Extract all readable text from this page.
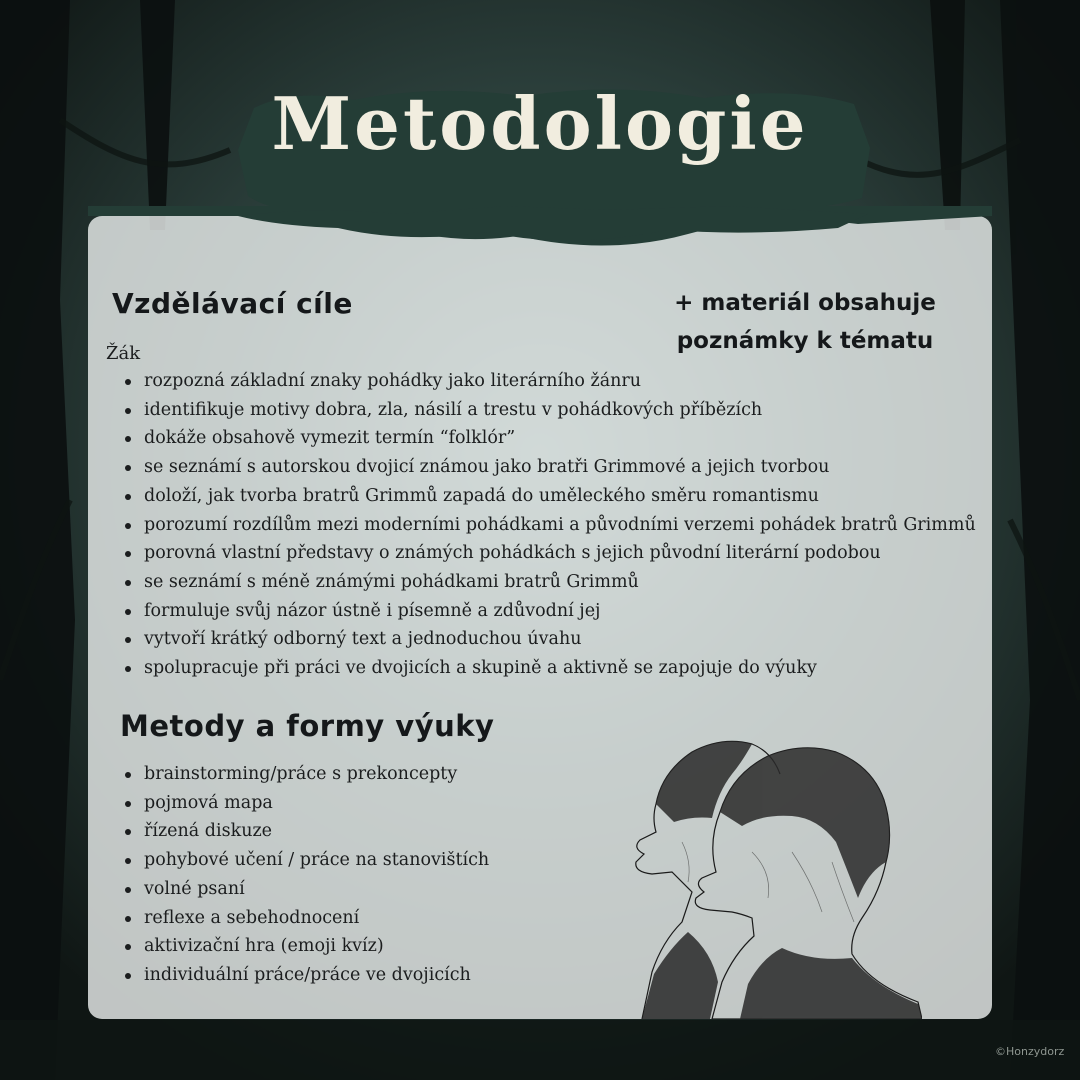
Metodologie
Vzdělávací cíle	+ materiál obsahuje
poznámky k tématu
Žák
rozpozná základní znaky pohádky jako literárního žánru
identifikuje motivy dobra, zla, násilí a trestu v pohádkových příbězích
dokáže obsahově vymezit termín “folklór”
se seznámí s autorskou dvojicí známou jako bratři Grimmové a jejich tvorbou
doloží, jak tvorba bratrů Grimmů zapadá do uměleckého směru romantismu
porozumí rozdílům mezi moderními pohádkami a původními verzemi pohádek bratrů Grimmů
porovná vlastní představy o známých pohádkách s jejich původní literární podobou
se seznámí s méně známými pohádkami bratrů Grimmů
formuluje svůj názor ústně i písemně a zdůvodní jej
vytvoří krátký odborný text a jednoduchou úvahu
spolupracuje při práci ve dvojicích a skupině a aktivně se zapojuje do výuky
Metody a formy výuky
brainstorming/práce s prekoncepty
pojmová mapa
řízená diskuze
pohybové učení / práce na stanovištích
volné psaní
reflexe a sebehodnocení
aktivizační hra (emoji kvíz)
individuální práce/práce ve dvojicích
©Honzydorz
